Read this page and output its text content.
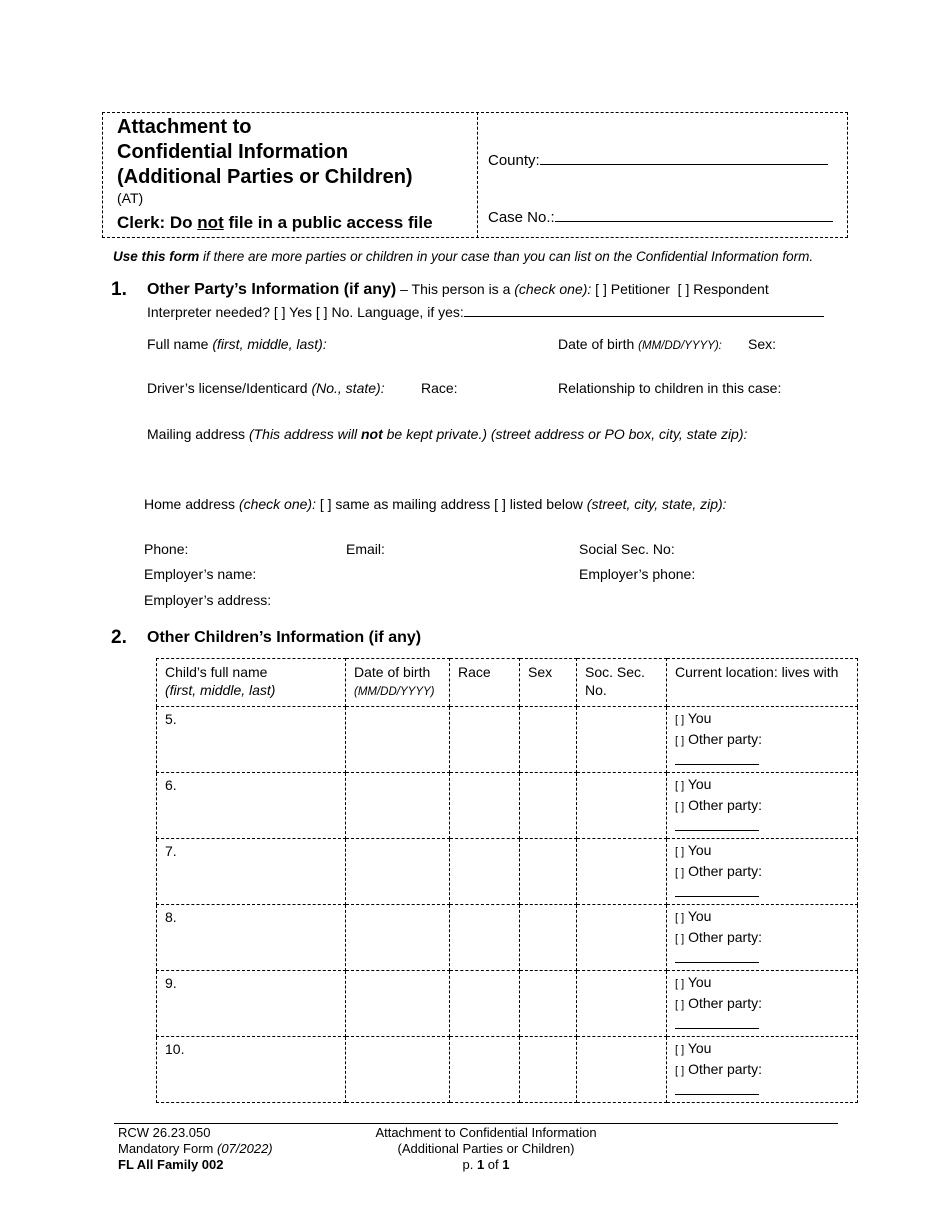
Attachment to
Confidential Information
(Additional Parties or Children)
(AT)
Clerk: Do not file in a public access file
County:
Case No.:
Use this form if there are more parties or children in your case than you can list on the Confidential Information form.
1. Other Party’s Information (if any) – This person is a (check one): [ ] Petitioner [ ] Respondent
Interpreter needed? [ ] Yes [ ] No. Language, if yes:
Full name (first, middle, last):	Date of birth (MM/DD/YYYY): Sex:
Driver’s license/Identicard (No., state):	Race:	Relationship to children in this case:
Mailing address (This address will not be kept private.) (street address or PO box, city, state zip):
Home address (check one): [ ] same as mailing address [ ] listed below (street, city, state, zip):
Phone:	Email:	Social Sec. No:
Employer’s name:	Employer’s phone:
Employer’s address:
2. Other Children’s Information (if any)
Child’s full name
(first, middle, last)	Date of birth
(MM/DD/YYYY)	Race	Sex	Soc. Sec. No.	Current location: lives with
5.					[ ] You
[ ] Other party:

6.					[ ] You
[ ] Other party:

7.					[ ] You
[ ] Other party:

8.					[ ] You
[ ] Other party:

9.					[ ] You
[ ] Other party:

10.					[ ] You
[ ] Other party:
RCW 26.23.050
Mandatory Form (07/2022)
FL All Family 002
Attachment to Confidential Information
(Additional Parties or Children)
p. 1 of 1
